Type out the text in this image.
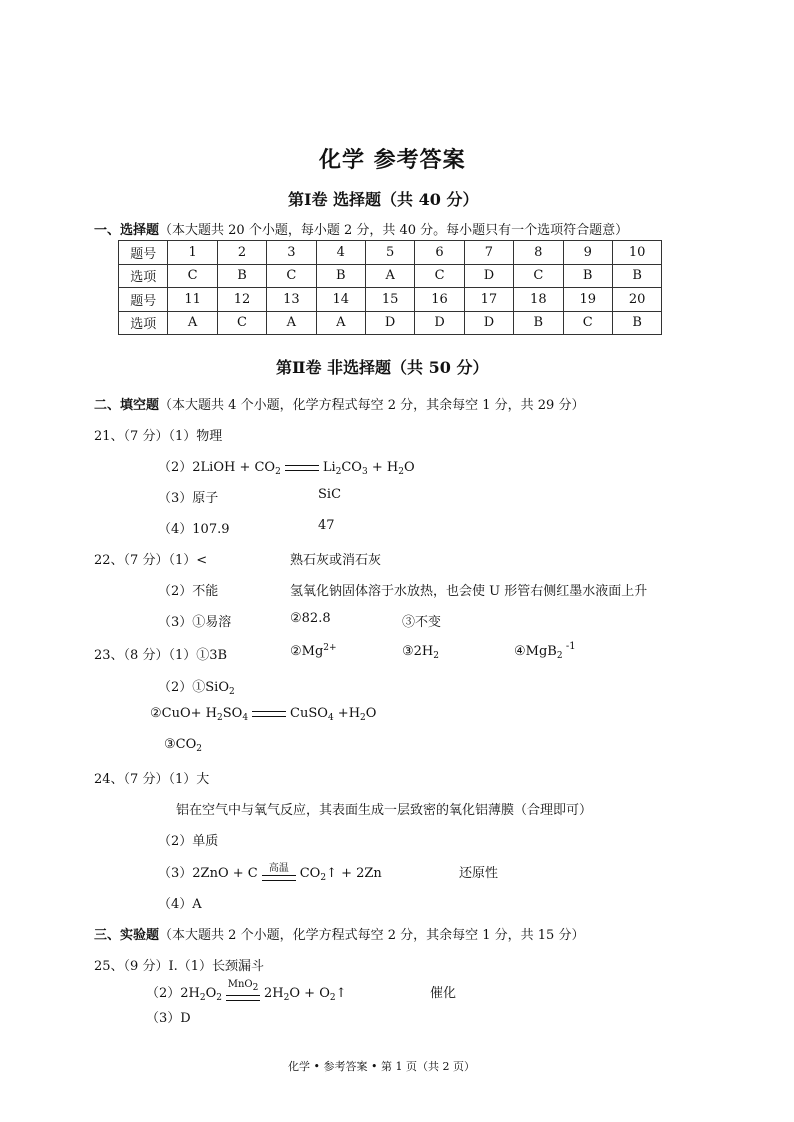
化学 参考答案
第Ⅰ卷 选择题（共 40 分）
一、选择题（本大题共 20 个小题，每小题 2 分，共 40 分。每小题只有一个选项符合题意）
题号	1	2	3	4	5	6	7	8	9	10
选项	C	B	C	B	A	C	D	C	B	B
题号	11	12	13	14	15	16	17	18	19	20
选项	A	C	A	A	D	D	D	B	C	B
第Ⅱ卷 非选择题（共 50 分）
二、填空题（本大题共 4 个小题，化学方程式每空 2 分，其余每空 1 分，共 29 分）
21、（7 分）（1）物理
（2）2LiOH + $CO_2$	$Li_2CO_3 + H_2O$
（3）原子	SiC
（4）107.9	47
22、（7 分）（1）<	熟石灰或消石灰
（2）不能	氢氧化钠固体溶于水放热，也会使 U 形管右侧红墨水液面上升
（3）①易溶	②82.8	③不变
23、（8 分）（1）①3B	$②Mg^{2+}$	$③2H_2$	④MgB -1
$_2$
（2）①SiO$_2$
②CuO+ $H_2SO_4$	CuSO$_4$ $+H_2O$
$③CO_2$
24、（7 分）（1）大
铝在空气中与氧气反应，其表面生成一层致密的氧化铝薄膜（合理即可）
（2）单质
（3）2ZnO + C	高温 $CO_2↑ + 2Zn$	还原性
（4）A
三、实验题（本大题共 2 个小题，化学方程式每空 2 分，其余每空 1 分，共 15 分）
25、（9 分）Ⅰ.（1）长颈漏斗
$(2)2H_2O_2$
MnO$_2$ $2H_2O$ + $O_2↑$	催化
（3）D
化学 • 参考答案 • 第 1 页（共 2 页）
